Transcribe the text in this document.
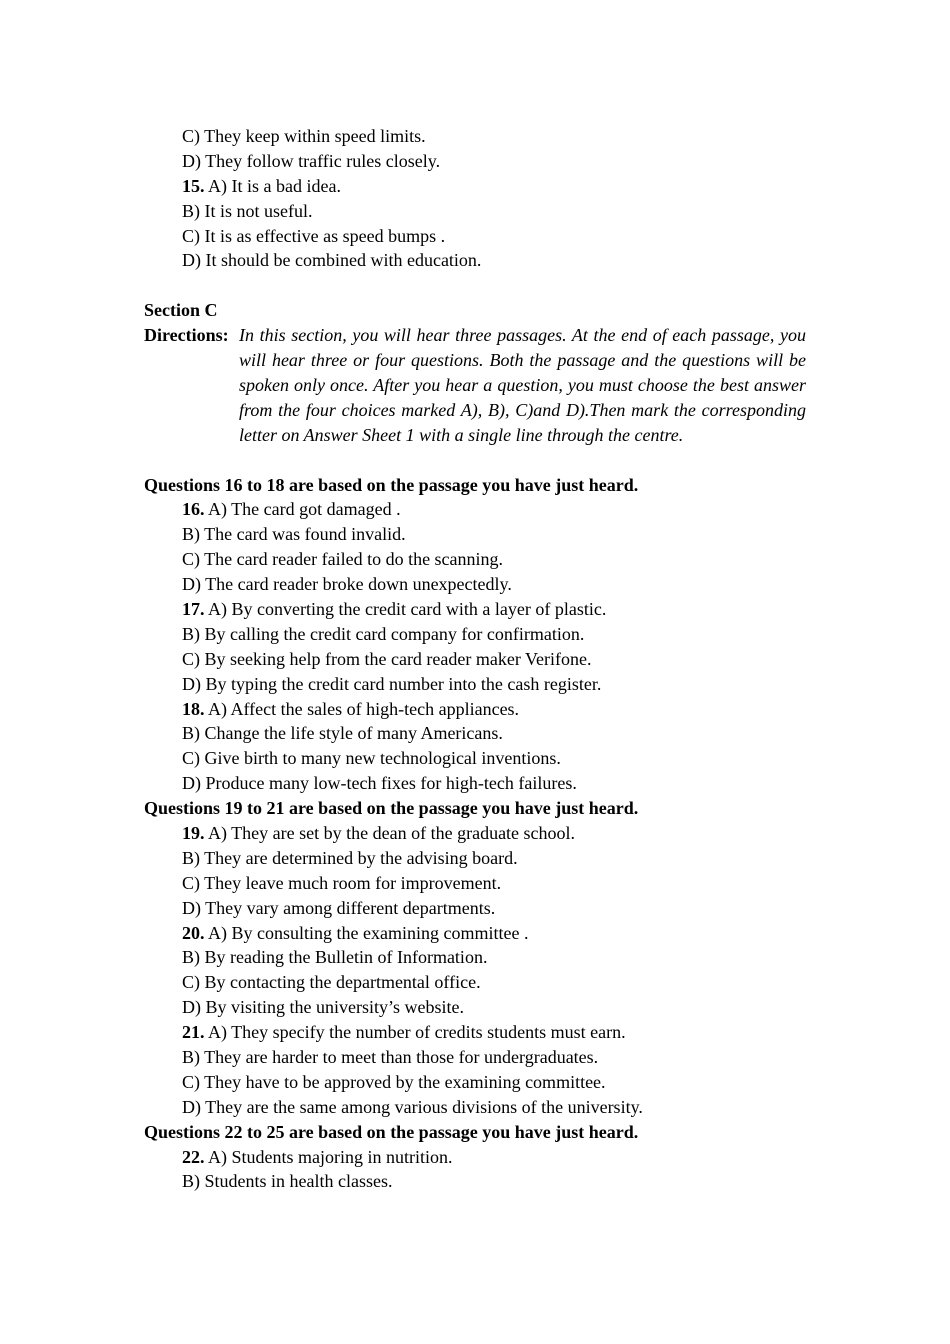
C) They keep within speed limits.
D) They follow traffic rules closely.
15. A) It is a bad idea.
B) It is not useful.
C) It is as effective as speed bumps .
D) It should be combined with education.
Section C
Directions: In this section, you will hear three passages. At the end of each passage, you will hear three or four questions. Both the passage and the questions will be spoken only once. After you hear a question, you must choose the best answer from the four choices marked A), B), C)and D).Then mark the corresponding letter on Answer Sheet 1 with a single line through the centre.
Questions 16 to 18 are based on the passage you have just heard.
16. A) The card got damaged .
B) The card was found invalid.
C) The card reader failed to do the scanning.
D) The card reader broke down unexpectedly.
17. A) By converting the credit card with a layer of plastic.
B) By calling the credit card company for confirmation.
C) By seeking help from the card reader maker Verifone.
D) By typing the credit card number into the cash register.
18. A) Affect the sales of high-tech appliances.
B) Change the life style of many Americans.
C) Give birth to many new technological inventions.
D) Produce many low-tech fixes for high-tech failures.
Questions 19 to 21 are based on the passage you have just heard.
19. A) They are set by the dean of the graduate school.
B) They are determined by the advising board.
C) They leave much room for improvement.
D) They vary among different departments.
20. A) By consulting the examining committee .
B) By reading the Bulletin of Information.
C) By contacting the departmental office.
D) By visiting the university’s website.
21. A) They specify the number of credits students must earn.
B) They are harder to meet than those for undergraduates.
C) They have to be approved by the examining committee.
D) They are the same among various divisions of the university.
Questions 22 to 25 are based on the passage you have just heard.
22. A) Students majoring in nutrition.
B) Students in health classes.
